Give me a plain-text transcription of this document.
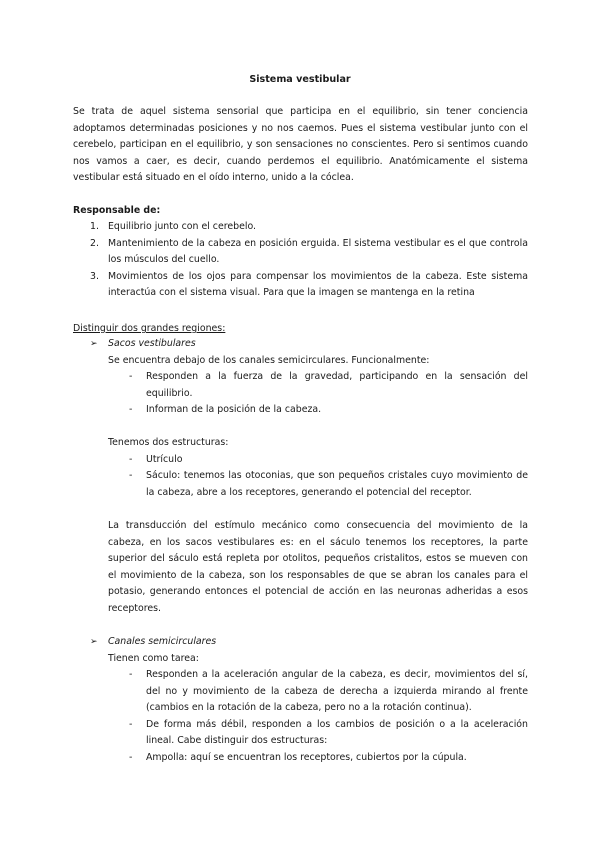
Sistema vestibular

Se trata de aquel sistema sensorial que participa en el equilibrio, sin tener conciencia adoptamos determinadas posiciones y no nos caemos. Pues el sistema vestibular junto con el cerebelo, participan en el equilibrio, y son sensaciones no conscientes. Pero si sentimos cuando nos vamos a caer, es decir, cuando perdemos el equilibrio. Anatómicamente el sistema vestibular está situado en el oído interno, unido a la cóclea.

Responsable de:
1. Equilibrio junto con el cerebelo.
2. Mantenimiento de la cabeza en posición erguida. El sistema vestibular es el que controla los músculos del cuello.
3. Movimientos de los ojos para compensar los movimientos de la cabeza. Este sistema interactúa con el sistema visual. Para que la imagen se mantenga en la retina
Distinguir dos grandes regiones:
➢ Sacos vestibulares

Se encuentra debajo de los canales semicirculares. Funcionalmente:

- Responden a la fuerza de la gravedad, participando en la sensación del equilibrio.
- Informan de la posición de la cabeza.

Tenemos dos estructuras:

- Utrículo
- Sáculo: tenemos las otoconias, que son pequeños cristales cuyo movimiento de la cabeza, abre a los receptores, generando el potencial del receptor.

La transducción del estímulo mecánico como consecuencia del movimiento de la cabeza, en los sacos vestibulares es: en el sáculo tenemos los receptores, la parte superior del sáculo está repleta por otolitos, pequeños cristalitos, estos se mueven con el movimiento de la cabeza, son los responsables de que se abran los canales para el potasio, generando entonces el potencial de acción en las neuronas adheridas a esos receptores.

➢ Canales semicirculares

Tienen como tarea:

- Responden a la aceleración angular de la cabeza, es decir, movimientos del sí, del no y movimiento de la cabeza de derecha a izquierda mirando al frente (cambios en la rotación de la cabeza, pero no a la rotación continua).
- De forma más débil, responden a los cambios de posición o a la aceleración lineal. Cabe distinguir dos estructuras:
- Ampolla: aquí se encuentran los receptores, cubiertos por la cúpula.
